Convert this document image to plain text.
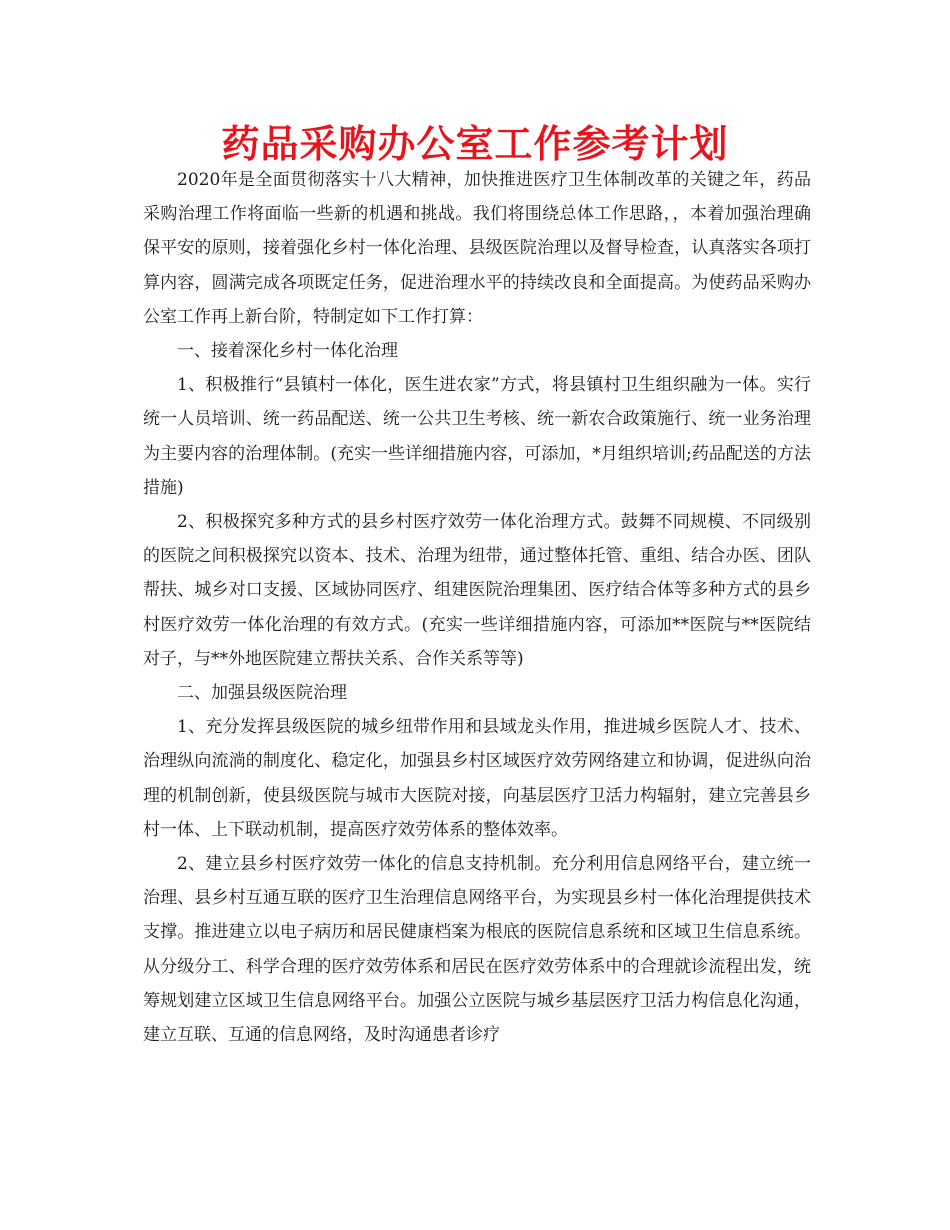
药品采购办公室工作参考计划

2020年是全面贯彻落实十八大精神，加快推进医疗卫生体制改革的关键之年，药品采购治理工作将面临一些新的机遇和挑战。我们将围绕总体工作思路，，本着加强治理确保平安的原则，接着强化乡村一体化治理、县级医院治理以及督导检查，认真落实各项打算内容，圆满完成各项既定任务，促进治理水平的持续改良和全面提高。为使药品采购办公室工作再上新台阶，特制定如下工作打算：

一、接着深化乡村一体化治理

1、积极推行“县镇村一体化，医生进农家”方式，将县镇村卫生组织融为一体。实行统一人员培训、统一药品配送、统一公共卫生考核、统一新农合政策施行、统一业务治理为主要内容的治理体制。(充实一些详细措施内容，可添加，*月组织培训;药品配送的方法措施)

2、积极探究多种方式的县乡村医疗效劳一体化治理方式。鼓舞不同规模、不同级别的医院之间积极探究以资本、技术、治理为纽带，通过整体托管、重组、结合办医、团队帮扶、城乡对口支援、区域协同医疗、组建医院治理集团、医疗结合体等多种方式的县乡村医疗效劳一体化治理的有效方式。(充实一些详细措施内容，可添加**医院与**医院结对子，与**外地医院建立帮扶关系、合作关系等等)

二、加强县级医院治理

1、充分发挥县级医院的城乡纽带作用和县域龙头作用，推进城乡医院人才、技术、治理纵向流淌的制度化、稳定化，加强县乡村区域医疗效劳网络建立和协调，促进纵向治理的机制创新，使县级医院与城市大医院对接，向基层医疗卫活力构辐射，建立完善县乡村一体、上下联动机制，提高医疗效劳体系的整体效率。

2、建立县乡村医疗效劳一体化的信息支持机制。充分利用信息网络平台，建立统一治理、县乡村互通互联的医疗卫生治理信息网络平台，为实现县乡村一体化治理提供技术支撑。推进建立以电子病历和居民健康档案为根底的医院信息系统和区域卫生信息系统。从分级分工、科学合理的医疗效劳体系和居民在医疗效劳体系中的合理就诊流程出发，统筹规划建立区域卫生信息网络平台。加强公立医院与城乡基层医疗卫活力构信息化沟通，建立互联、互通的信息网络，及时沟通患者诊疗
